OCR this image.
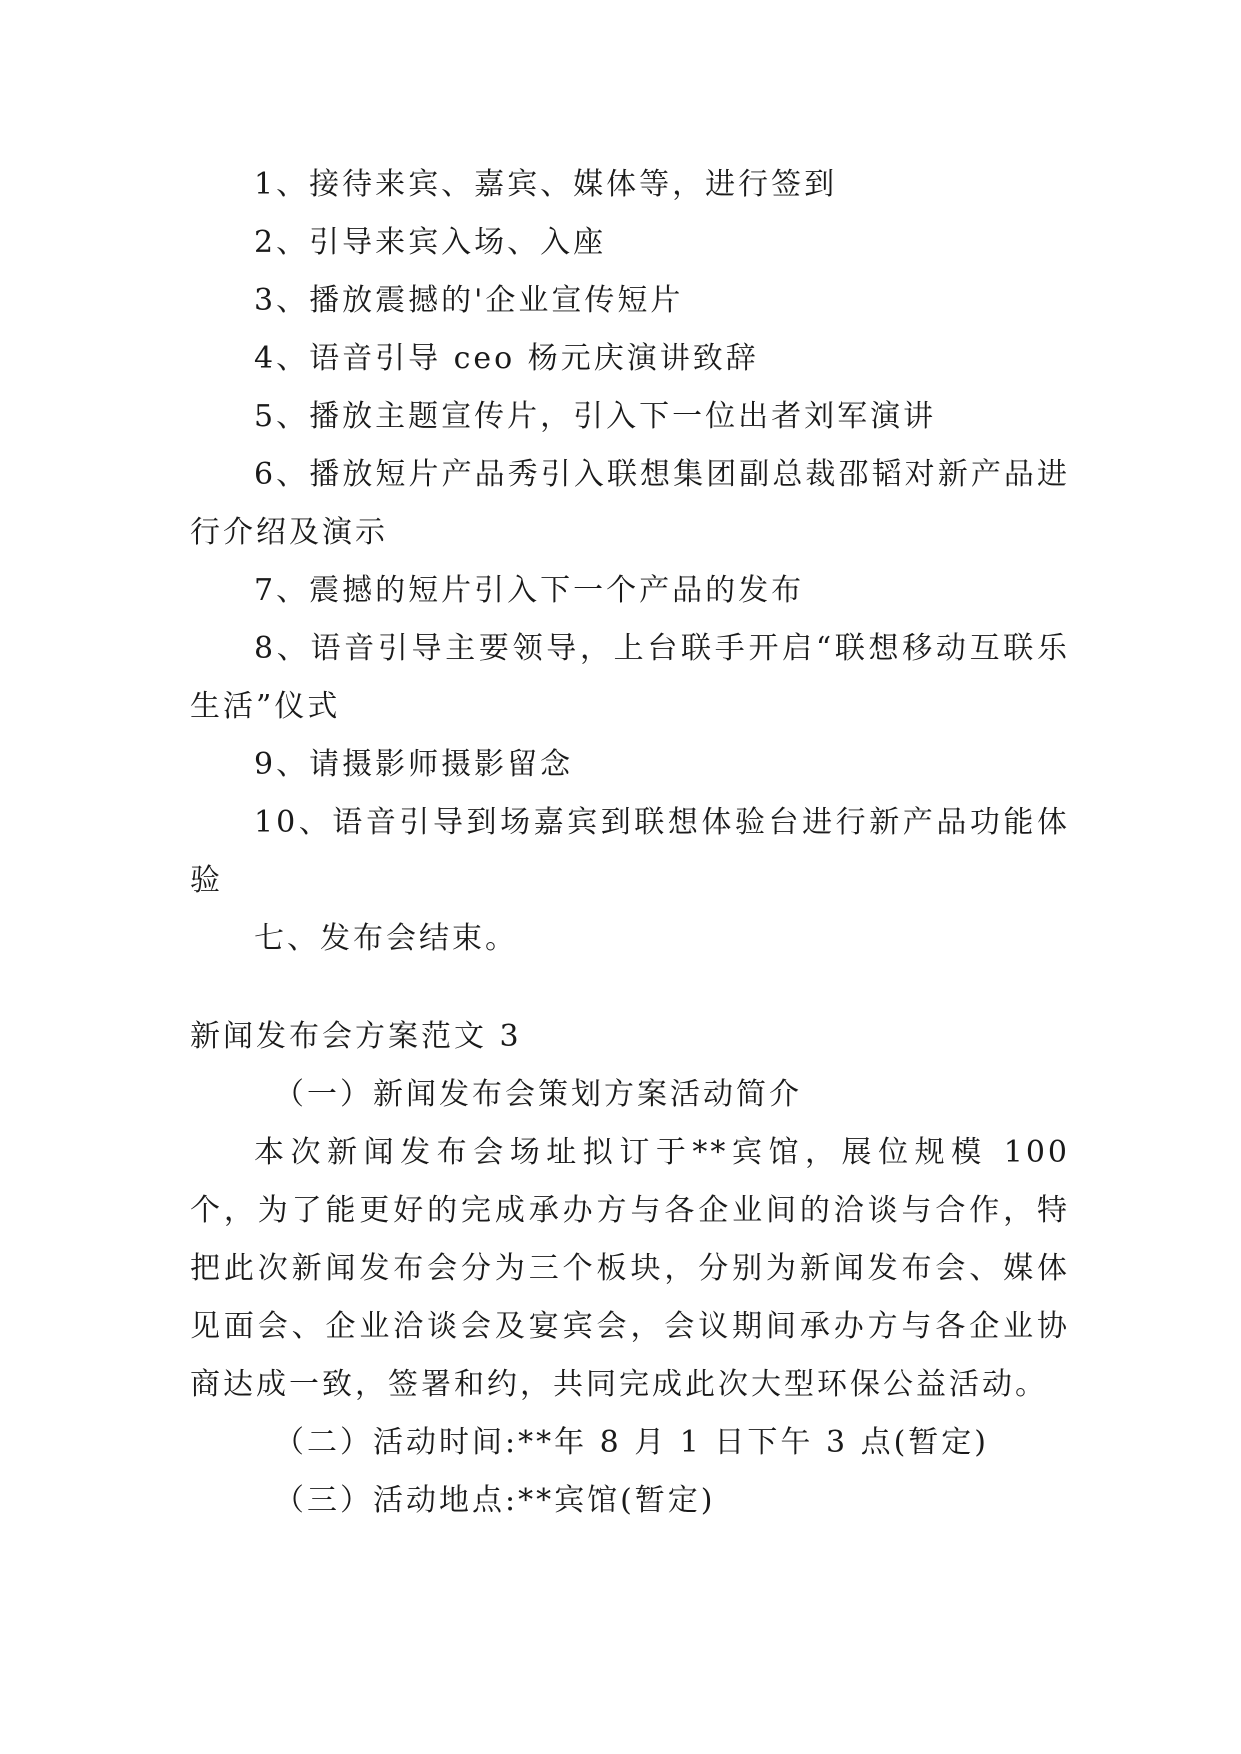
1、接待来宾、嘉宾、媒体等，进行签到

2、引导来宾入场、入座

3、播放震撼的'企业宣传短片

4、语音引导 ceo 杨元庆演讲致辞

5、播放主题宣传片，引入下一位出者刘军演讲

6、播放短片产品秀引入联想集团副总裁邵韬对新产品进行介绍及演示

7、震撼的短片引入下一个产品的发布

8、语音引导主要领导，上台联手开启“联想移动互联乐生活”仪式

9、请摄影师摄影留念

10、语音引导到场嘉宾到联想体验台进行新产品功能体验

七、发布会结束。

新闻发布会方案范文 3

（一）新闻发布会策划方案活动简介

本次新闻发布会场址拟订于**宾馆，展位规模 100 个，为了能更好的完成承办方与各企业间的洽谈与合作，特把此次新闻发布会分为三个板块，分别为新闻发布会、媒体见面会、企业洽谈会及宴宾会，会议期间承办方与各企业协商达成一致，签署和约，共同完成此次大型环保公益活动。

（二）活动时间:**年 8 月 1 日下午 3 点(暂定)

（三）活动地点:**宾馆(暂定)
